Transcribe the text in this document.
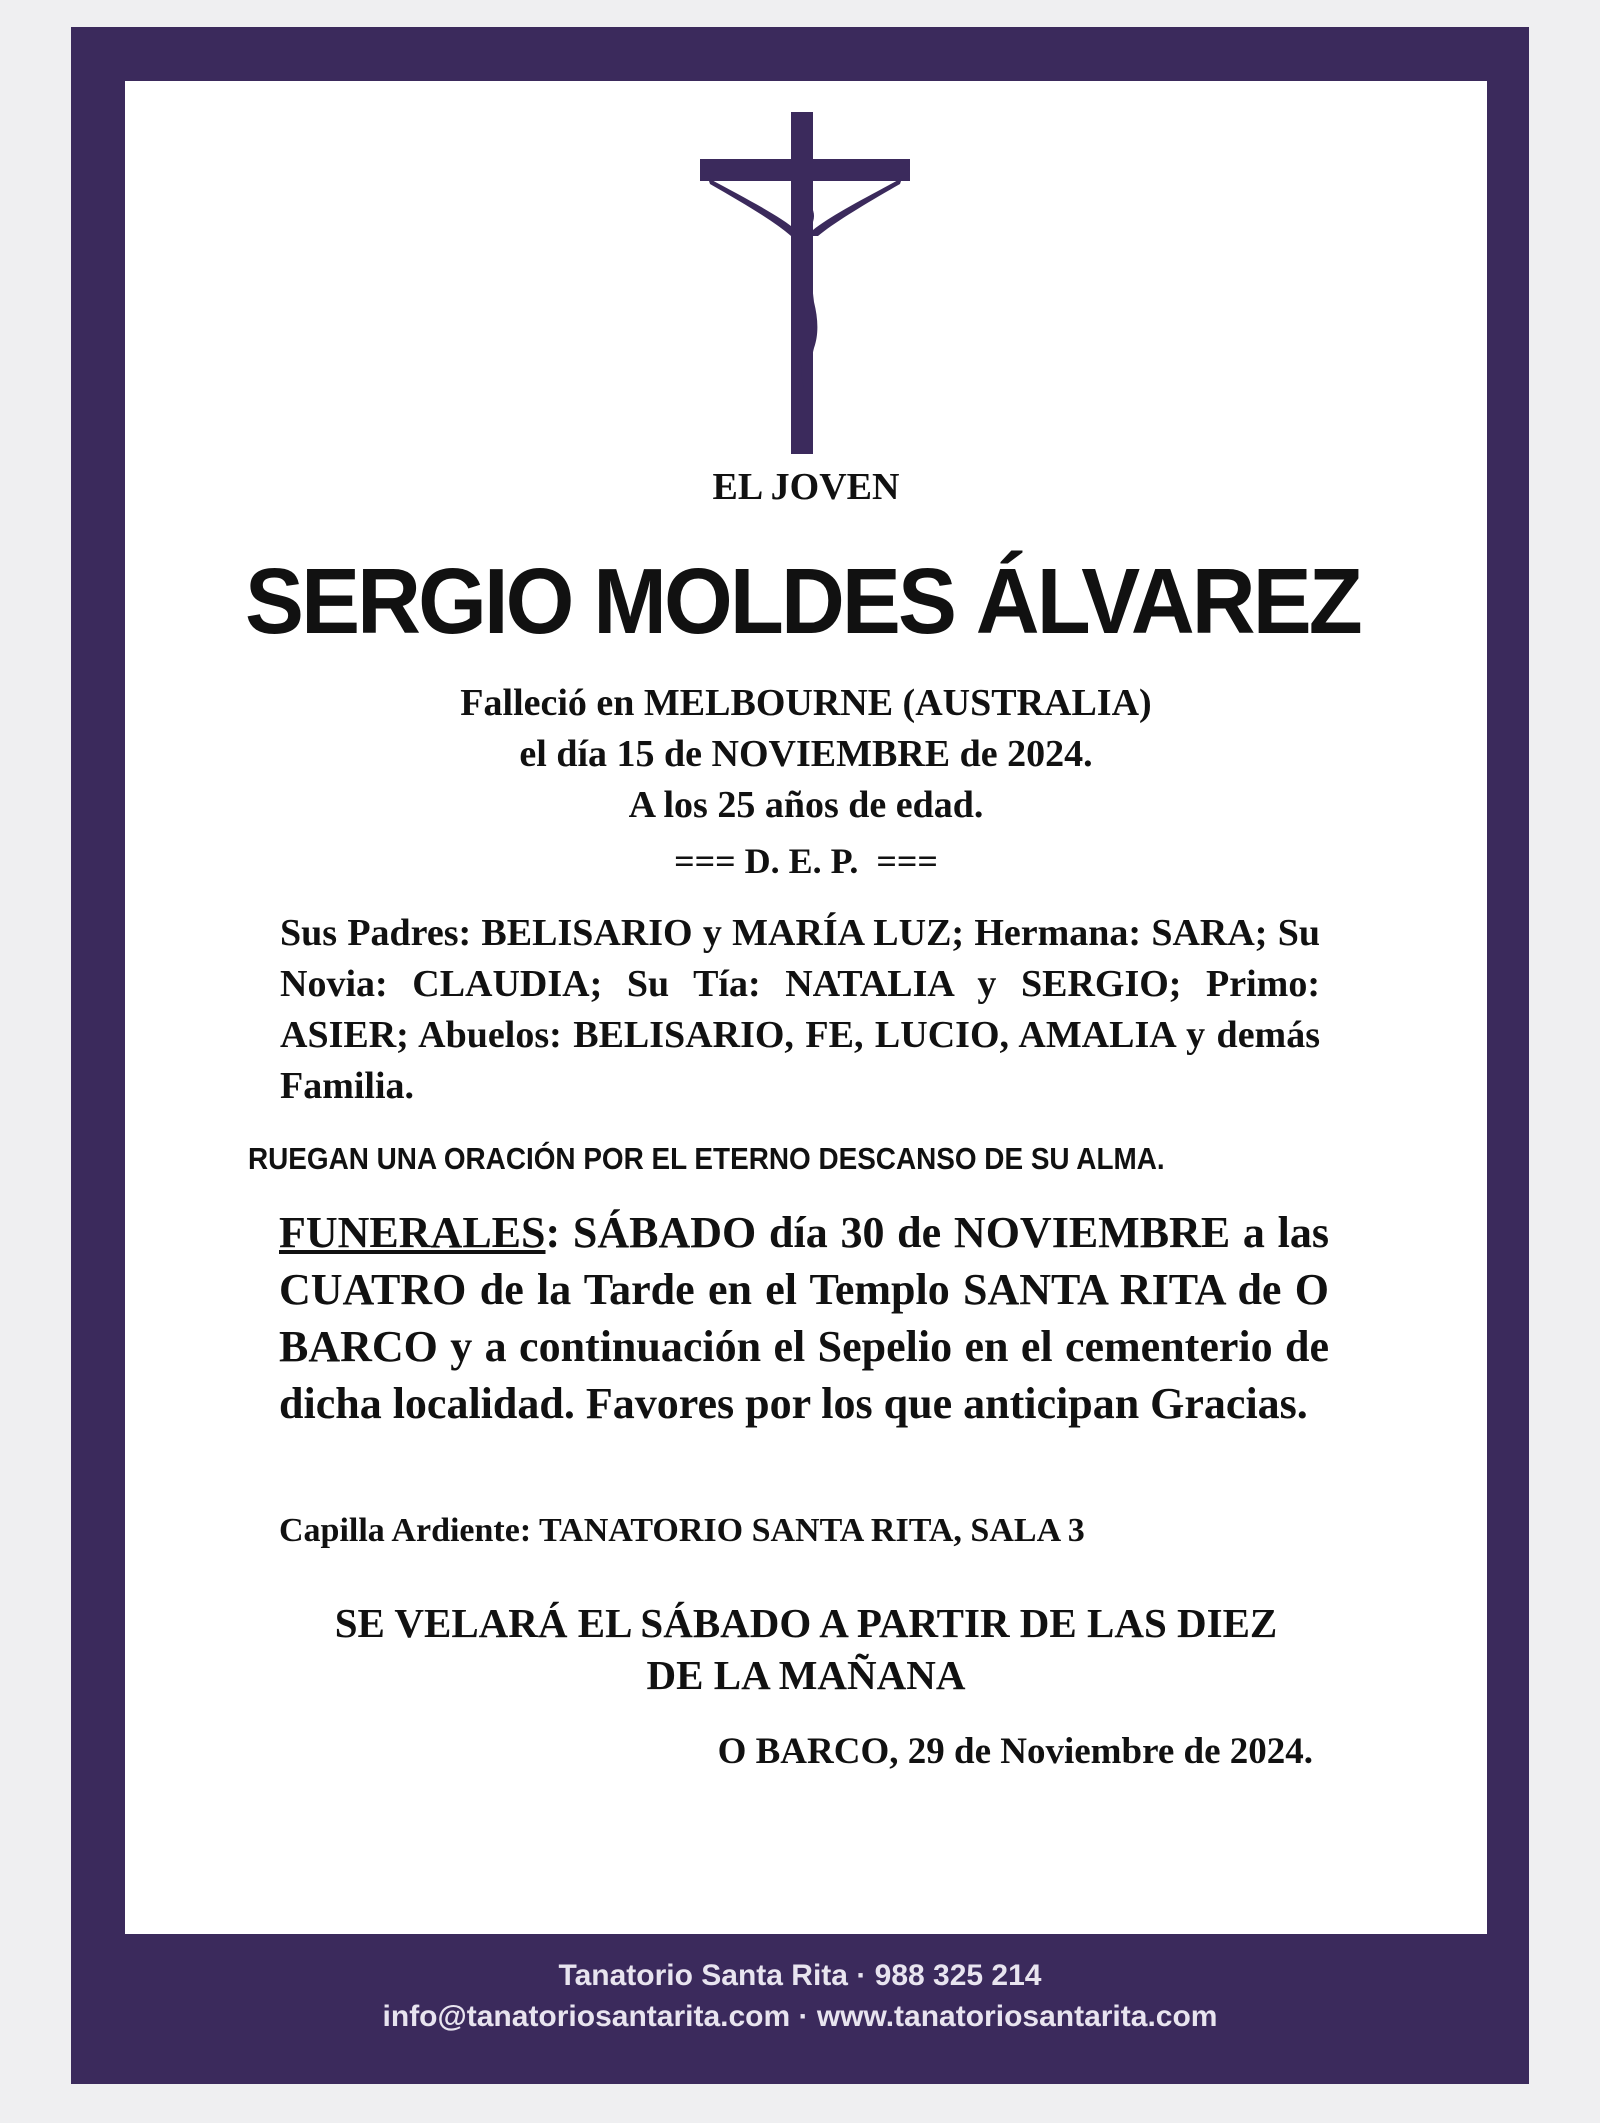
EL JOVEN

SERGIO MOLDES ÁLVAREZ

Falleció en MELBOURNE (AUSTRALIA)

el día 15 de NOVIEMBRE de 2024.

A los 25 años de edad.

=== D. E. P.  ===

Sus Padres: BELISARIO y MARÍA LUZ; Hermana: SARA; Su Novia: CLAUDIA; Su Tía: NATALIA y SERGIO; Primo: ASIER; Abuelos: BELISARIO, FE, LUCIO, AMALIA y demás Familia.

RUEGAN UNA ORACIÓN POR EL ETERNO DESCANSO DE SU ALMA.

FUNERALES: SÁBADO día 30 de NOVIEMBRE a las CUATRO de la Tarde en el Templo SANTA RITA de O BARCO y a continuación el Sepelio en el cementerio de dicha localidad. Favores por los que anticipan Gracias.

Capilla Ardiente: TANATORIO SANTA RITA, SALA 3

SE VELARÁ EL SÁBADO A PARTIR DE LAS DIEZ

DE LA MAÑANA

O BARCO, 29 de Noviembre de 2024.

Tanatorio Santa Rita · 988 325 214

info@tanatoriosantarita.com · www.tanatoriosantarita.com
